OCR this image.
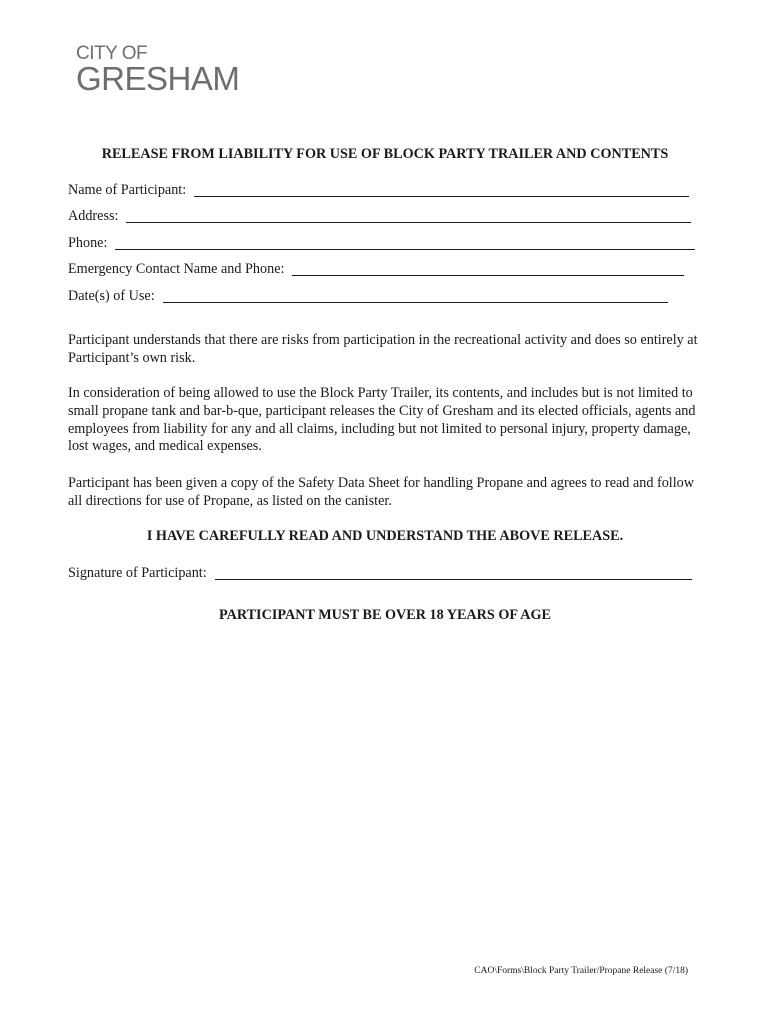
CITY OF
GRESHAM
RELEASE FROM LIABILITY FOR USE OF BLOCK PARTY TRAILER AND CONTENTS
Name of Participant:
Address:
Phone:
Emergency Contact Name and Phone:
Date(s) of Use:

Participant understands that there are risks from participation in the recreational activity and does so entirely at Participant’s own risk.

In consideration of being allowed to use the Block Party Trailer, its contents, and includes but is not limited to small propane tank and bar-b-que, participant releases the City of Gresham and its elected officials, agents and employees from liability for any and all claims, including but not limited to personal injury, property damage, lost wages, and medical expenses.

Participant has been given a copy of the Safety Data Sheet for handling Propane and agrees to read and follow all directions for use of Propane, as listed on the canister.

I HAVE CAREFULLY READ AND UNDERSTAND THE ABOVE RELEASE.
Signature of Participant:
PARTICIPANT MUST BE OVER 18 YEARS OF AGE
CAO\Forms\Block Party Trailer/Propane Release (7/18)
